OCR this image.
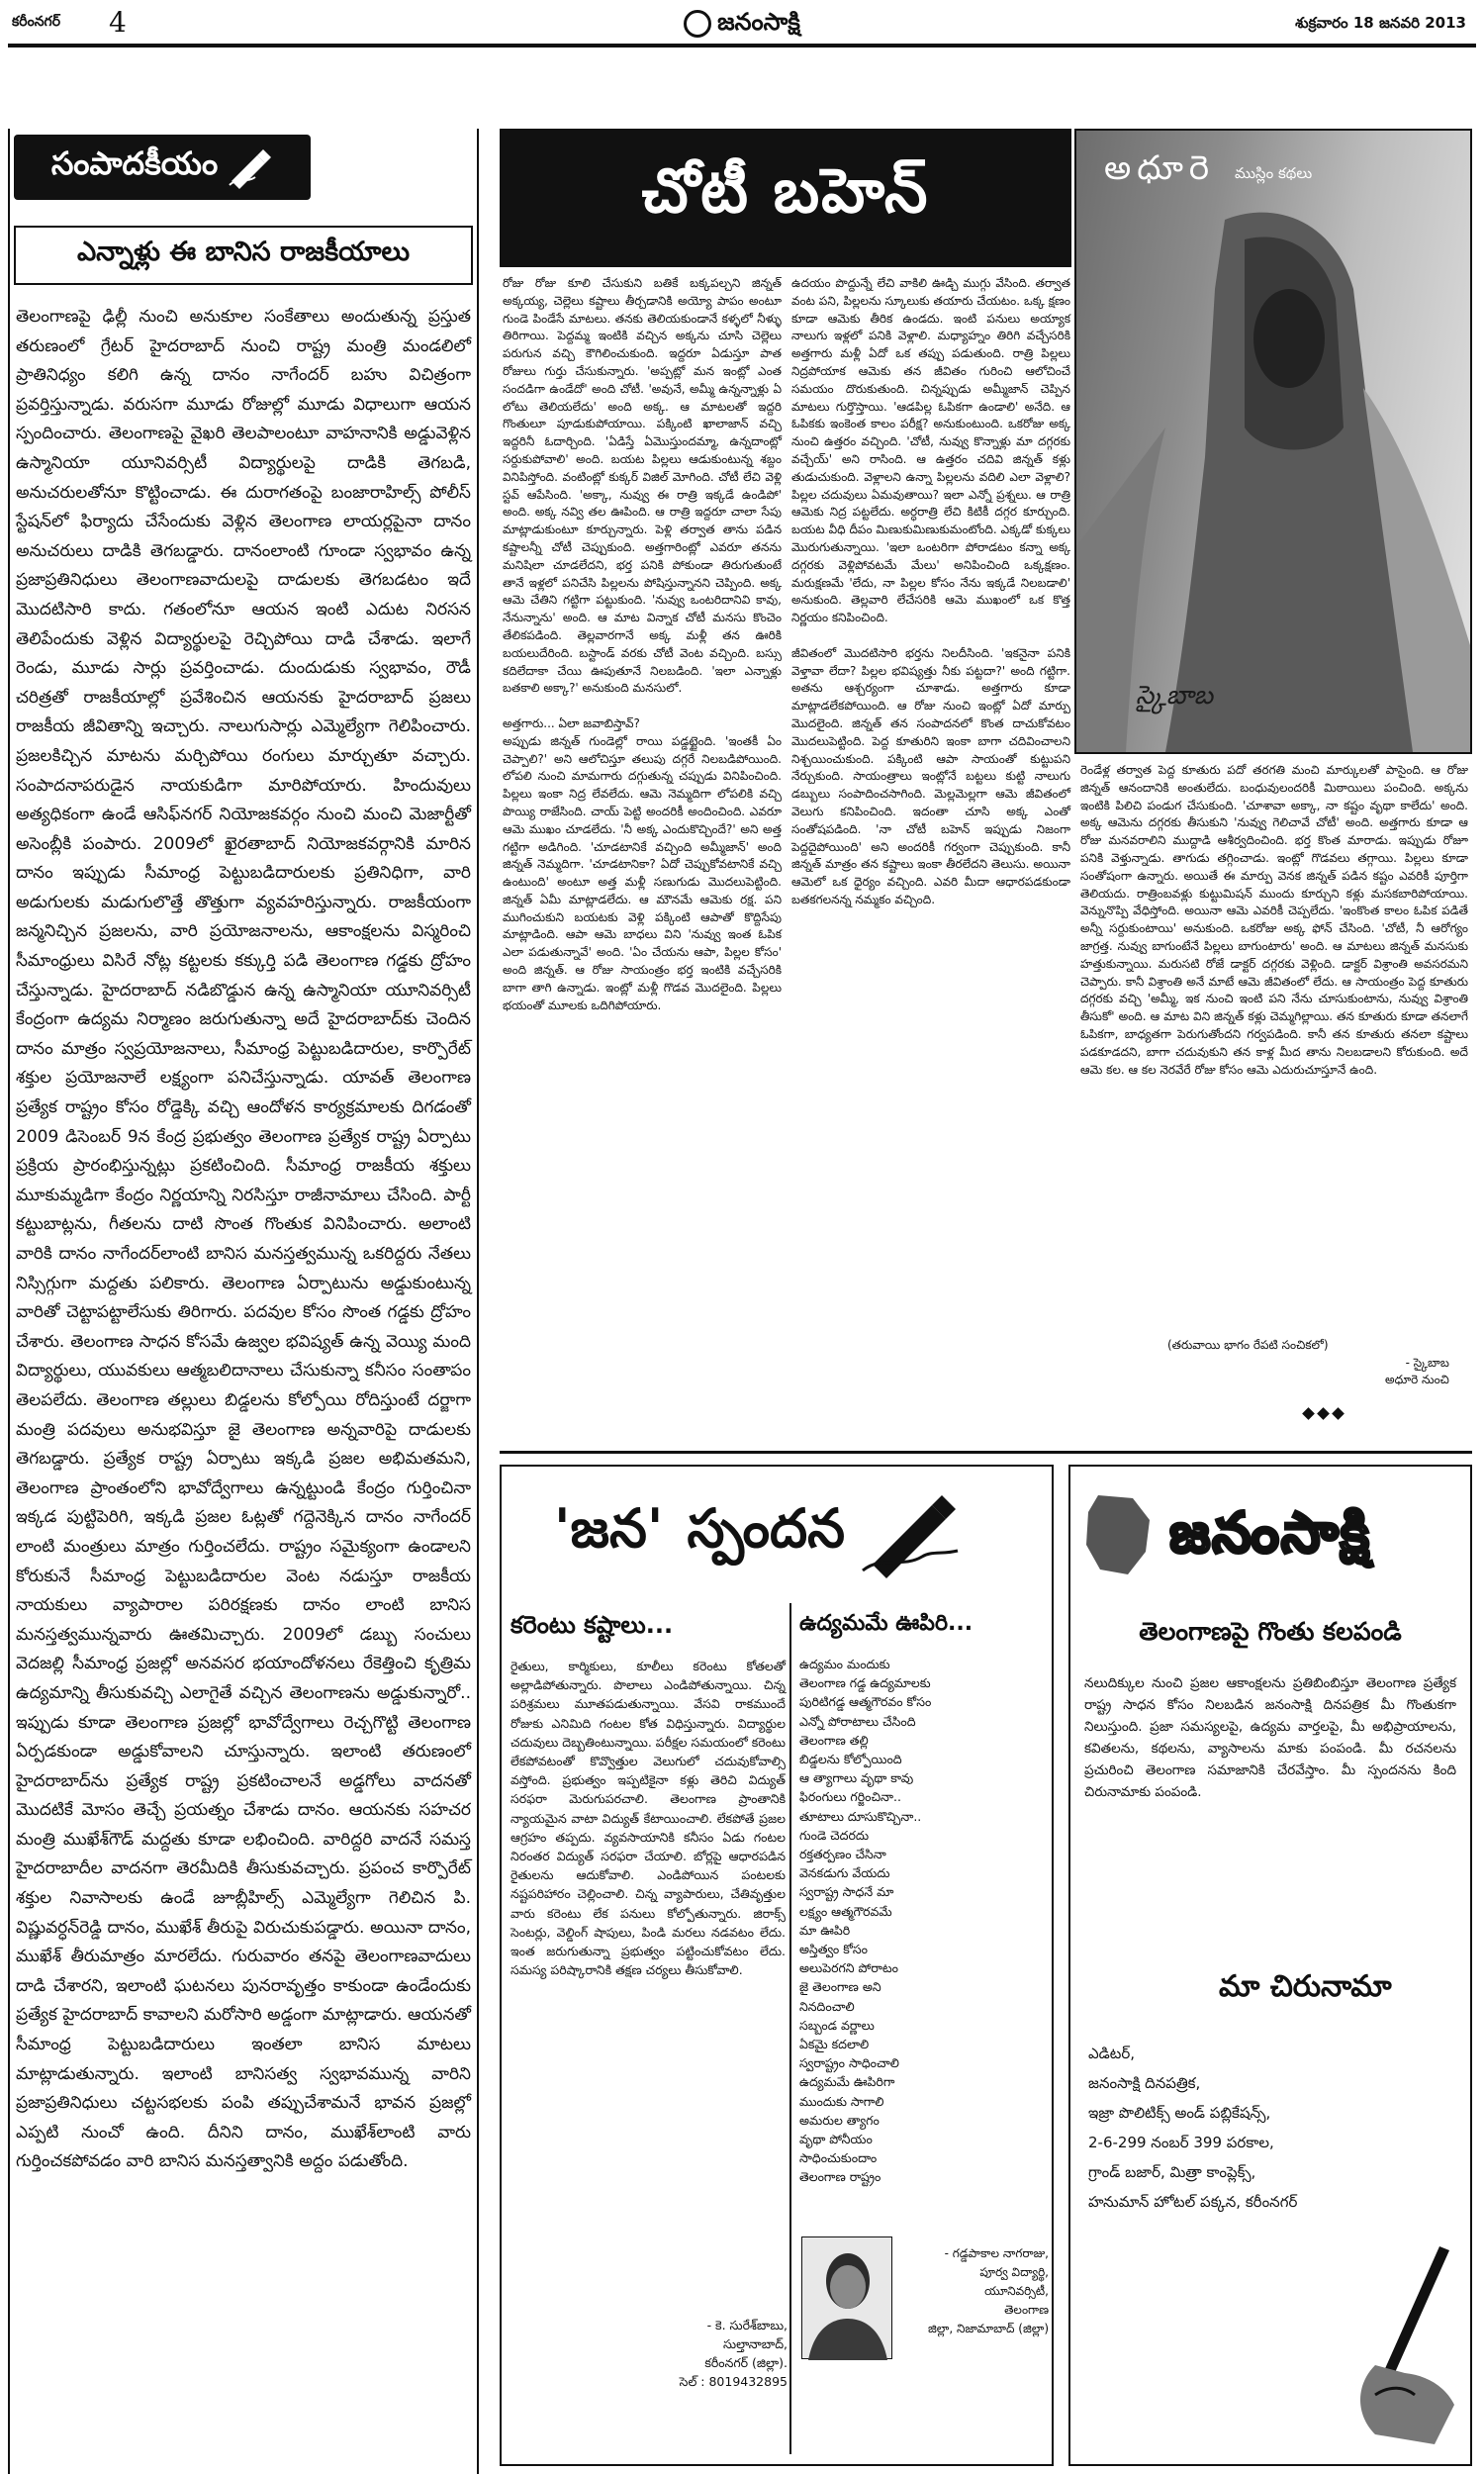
కరీంనగర్ 4	జనంసాక్షి	శుక్రవారం 18 జనవరి 2013
సంపాదకీయం
ఎన్నాళ్లు ఈ బానిస రాజకీయాలు
తెలంగాణపై ఢిల్లీ నుంచి అనుకూల సంకేతాలు అందుతున్న ప్రస్తుత తరుణంలో గ్రేటర్ హైదరాబాద్ నుంచి రాష్ట్ర మంత్రి మండలిలో ప్రాతినిధ్యం కలిగి ఉన్న దానం నాగేందర్ బహు విచిత్రంగా ప్రవర్తిస్తున్నాడు. వరుసగా మూడు రోజుల్లో మూడు విధాలుగా ఆయన స్పందించారు. తెలంగాణపై వైఖరి తెలపాలంటూ వాహనానికి అడ్డువెళ్లిన ఉస్మానియా యూనివర్సిటీ విద్యార్థులపై దాడికి తెగబడి, అనుచరులతోనూ కొట్టించాడు. ఈ దురాగతంపై బంజారాహిల్స్ పోలీస్ స్టేషన్‌లో ఫిర్యాదు చేసేందుకు వెళ్లిన తెలంగాణ లాయర్లపైనా దానం అనుచరులు దాడికి తెగబడ్డారు. దానంలాంటి గూండా స్వభావం ఉన్న ప్రజాప్రతినిధులు తెలంగాణవాదులపై దాడులకు తెగబడటం ఇదే మొదటిసారి కాదు. గతంలోనూ ఆయన ఇంటి ఎదుట నిరసన తెలిపేందుకు వెళ్లిన విద్యార్థులపై రెచ్చిపోయి దాడి చేశాడు. ఇలాగే రెండు, మూడు సార్లు ప్రవర్తించాడు. దుందుడుకు స్వభావం, రౌడీ చరిత్రతో రాజకీయాల్లో ప్రవేశించిన ఆయనకు హైదరాబాద్ ప్రజలు రాజకీయ జీవితాన్ని ఇచ్చారు. నాలుగుసార్లు ఎమ్మెల్యేగా గెలిపించారు. ప్రజలకిచ్చిన మాటను మర్చిపోయి రంగులు మార్చుతూ వచ్చారు. సంపాదనాపరుడైన నాయకుడిగా మారిపోయారు. హిందువులు అత్యధికంగా ఉండే ఆసిఫ్‌నగర్ నియోజకవర్గం నుంచి మంచి మెజార్టీతో అసెంబ్లీకి పంపారు. 2009లో ఖైరతాబాద్ నియోజకవర్గానికి మారిన దానం ఇప్పుడు సీమాంధ్ర పెట్టుబడిదారులకు ప్రతినిధిగా, వారి అడుగులకు మడుగులొత్తే తొత్తుగా వ్యవహరిస్తున్నారు. రాజకీయంగా జన్మనిచ్చిన ప్రజలను, వారి ప్రయోజనాలను, ఆకాంక్షలను విస్మరించి సీమాంధ్రులు విసిరే నోట్ల కట్టలకు కక్కుర్తి పడి తెలంగాణ గడ్డకు ద్రోహం చేస్తున్నాడు. హైదరాబాద్ నడిబొడ్డున ఉన్న ఉస్మానియా యూనివర్సిటీ కేంద్రంగా ఉద్యమ నిర్మాణం జరుగుతున్నా అదే హైదరాబాద్‌కు చెందిన దానం మాత్రం స్వప్రయోజనాలు, సీమాంధ్ర పెట్టుబడిదారుల, కార్పొరేట్ శక్తుల ప్రయోజనాలే లక్ష్యంగా పనిచేస్తున్నాడు. యావత్ తెలంగాణ ప్రత్యేక రాష్ట్రం కోసం రోడ్డెక్కి వచ్చి ఆందోళన కార్యక్రమాలకు దిగడంతో 2009 డిసెంబర్ 9న కేంద్ర ప్రభుత్వం తెలంగాణ ప్రత్యేక రాష్ట్ర ఏర్పాటు ప్రక్రియ ప్రారంభిస్తున్నట్లు ప్రకటించింది. సీమాంధ్ర రాజకీయ శక్తులు మూకుమ్మడిగా కేంద్రం నిర్ణయాన్ని నిరసిస్తూ రాజీనామాలు చేసింది. పార్టీ కట్టుబాట్లను, గీతలను దాటి సొంత గొంతుక వినిపించారు. అలాంటి వారికి దానం నాగేందర్‌లాంటి బానిస మనస్తత్వమున్న ఒకరిద్దరు నేతలు నిస్సిగ్గుగా మద్దతు పలికారు. తెలంగాణ ఏర్పాటును అడ్డుకుంటున్న వారితో చెట్టాపట్టాలేసుకు తిరిగారు. పదవుల కోసం సొంత గడ్డకు ద్రోహం చేశారు. తెలంగాణ సాధన కోసమే ఉజ్వల భవిష్యత్ ఉన్న వెయ్యి మంది విద్యార్థులు, యువకులు ఆత్మబలిదానాలు చేసుకున్నా కనీసం సంతాపం తెలపలేదు. తెలంగాణ తల్లులు బిడ్డలను కోల్పోయి రోదిస్తుంటే దర్జాగా మంత్రి పదవులు అనుభవిస్తూ జై తెలంగాణ అన్నవారిపై దాడులకు తెగబడ్డారు. ప్రత్యేక రాష్ట్ర ఏర్పాటు ఇక్కడి ప్రజల అభిమతమని, తెలంగాణ ప్రాంతంలోని భావోద్వేగాలు ఉన్నట్టుండి కేంద్రం గుర్తించినా ఇక్కడ పుట్టిపెరిగి, ఇక్కడి ప్రజల ఓట్లతో గద్దెనెక్కిన దానం నాగేందర్ లాంటి మంత్రులు మాత్రం గుర్తించలేదు. రాష్ట్రం సమైక్యంగా ఉండాలని కోరుకునే సీమాంధ్ర పెట్టుబడిదారుల వెంట నడుస్తూ రాజకీయ నాయకులు వ్యాపారాల పరిరక్షణకు దానం లాంటి బానిస మనస్తత్వమున్నవారు ఊతమిచ్చారు. 2009లో డబ్బు సంచులు వెదజల్లి సీమాంధ్ర ప్రజల్లో అనవసర భయాందోళనలు రేకెత్తించి కృత్రిమ ఉద్యమాన్ని తీసుకువచ్చి ఎలాగైతే వచ్చిన తెలంగాణను అడ్డుకున్నారో.. ఇప్పుడు కూడా తెలంగాణ ప్రజల్లో భావోద్వేగాలు రెచ్చగొట్టి తెలంగాణ ఏర్పడకుండా అడ్డుకోవాలని చూస్తున్నారు. ఇలాంటి తరుణంలో హైదరాబాద్‌ను ప్రత్యేక రాష్ట్ర ప్రకటించాలనే అడ్డగోలు వాదనతో మొదటికే మోసం తెచ్చే ప్రయత్నం చేశాడు దానం. ఆయనకు సహచర మంత్రి ముఖేశ్‌గౌడ్ మద్దతు కూడా లభించింది. వారిద్దరి వాదనే సమస్త హైదరాబాదీల వాదనగా తెరమీదికి తీసుకువచ్చారు. ప్రపంచ కార్పొరేట్ శక్తుల నివాసాలకు ఉండే జూబ్లీహిల్స్ ఎమ్మెల్యేగా గెలిచిన పి. విష్ణువర్ధన్‌రెడ్డి దానం, ముఖేశ్ తీరుపై విరుచుకుపడ్డారు. అయినా దానం, ముఖేశ్ తీరుమాత్రం మారలేదు. గురువారం తనపై తెలంగాణవాదులు దాడి చేశారని, ఇలాంటి ఘటనలు పునరావృత్తం కాకుండా ఉండేందుకు ప్రత్యేక హైదరాబాద్ కావాలని మరోసారి అడ్డంగా మాట్లాడారు. ఆయనతో సీమాంధ్ర పెట్టుబడిదారులు ఇంతలా బానిస మాటలు మాట్లాడుతున్నారు. ఇలాంటి బానిసత్వ స్వభావమున్న వారిని ప్రజాప్రతినిధులు చట్టసభలకు పంపి తప్పుచేశామనే భావన ప్రజల్లో ఎప్పటి నుంచో ఉంది. దీనిని దానం, ముఖేశ్‌లాంటి వారు గుర్తించకపోవడం వారి బానిస మనస్తత్వానికి అద్దం పడుతోంది.
చోటీ బహెన్	అధూరె ముస్లిం కథలు
స్కైబాబ
రోజు రోజు కూలి చేసుకుని బతికే బక్కపల్చని జిన్నత్ అక్కయ్య, చెల్లెలు కష్టాలు తీర్చడానికి అయ్యో పాపం అంటూ గుండె పిండేసే మాటలు. తనకు తెలియకుండానే కళ్ళలో నీళ్ళు తిరిగాయి. పెద్దమ్మ ఇంటికి వచ్చిన అక్కను చూసి చెల్లెలు పరుగున వచ్చి కౌగిలించుకుంది. ఇద్దరూ ఏడుస్తూ పాత రోజులు గుర్తు చేసుకున్నారు. 'అప్పట్లో మన ఇంట్లో ఎంత సందడిగా ఉండేదో' అంది చోటీ. 'అవునే, అమ్మీ ఉన్నన్నాళ్లు ఏ లోటు తెలియలేదు' అంది అక్క. ఆ మాటలతో ఇద్దరి గొంతులూ పూడుకుపోయాయి. పక్కింటి ఖాలాజాన్ వచ్చి ఇద్దరినీ ఓదార్చింది. 'ఏడిస్తే ఏమొస్తుందమ్మా, ఉన్నదాంట్లో సర్దుకుపోవాలి' అంది. బయట పిల్లలు ఆడుకుంటున్న శబ్దం వినిపిస్తోంది. వంటింట్లో కుక్కర్ విజిల్ మోగింది. చోటీ లేచి వెళ్లి స్టవ్ ఆపేసింది. 'అక్కా, నువ్వు ఈ రాత్రి ఇక్కడే ఉండిపో' అంది. అక్క నవ్వి తల ఊపింది. ఆ రాత్రి ఇద్దరూ చాలా సేపు మాట్లాడుకుంటూ కూర్చున్నారు. పెళ్లి తర్వాత తాను పడిన కష్టాలన్నీ చోటీ చెప్పుకుంది. అత్తగారింట్లో ఎవరూ తనను మనిషిలా చూడలేదని, భర్త పనికి పోకుండా తిరుగుతుంటే తానే ఇళ్లలో పనిచేసి పిల్లలను పోషిస్తున్నానని చెప్పింది. అక్క ఆమె చేతిని గట్టిగా పట్టుకుంది. 'నువ్వు ఒంటరిదానివి కావు, నేనున్నాను' అంది. ఆ మాట విన్నాక చోటీ మనసు కొంచెం తేలికపడింది. తెల్లవారగానే అక్క మళ్లీ తన ఊరికి బయలుదేరింది. బస్టాండ్ వరకు చోటీ వెంట వచ్చింది. బస్సు కదిలేదాకా చేయి ఊపుతూనే నిలబడింది. 'ఇలా ఎన్నాళ్లు బతకాలి అక్కా?' అనుకుంది మనసులో.

అత్తగారు... ఏలా జవాబిస్తావ్?
అప్పుడు జిన్నత్ గుండెల్లో రాయి పడ్డట్టైంది. 'ఇంతకీ ఏం చెప్పాలి?' అని ఆలోచిస్తూ తలుపు దగ్గరే నిలబడిపోయింది. లోపలి నుంచి మామగారు దగ్గుతున్న చప్పుడు వినిపించింది. పిల్లలు ఇంకా నిద్ర లేవలేదు. ఆమె నెమ్మదిగా లోపలికి వచ్చి పొయ్యి రాజేసింది. చాయ్ పెట్టి అందరికీ అందించింది. ఎవరూ ఆమె ముఖం చూడలేదు. 'నీ అక్క ఎందుకొచ్చిందే?' అని అత్త గట్టిగా అడిగింది. 'చూడటానికే వచ్చింది అమ్మీజాన్' అంది జిన్నత్ నెమ్మదిగా. 'చూడటానికా? ఏదో చెప్పుకోవటానికే వచ్చి ఉంటుంది' అంటూ అత్త మళ్లీ సణుగుడు మొదలుపెట్టింది. జిన్నత్ ఏమీ మాట్లాడలేదు. ఆ మౌనమే ఆమెకు రక్ష. పని ముగించుకుని బయటకు వెళ్లి పక్కింటి ఆపాతో కొద్దిసేపు మాట్లాడింది. ఆపా ఆమె బాధలు విని 'నువ్వు ఇంత ఓపిక ఎలా పడుతున్నావే' అంది. 'ఏం చేయను ఆపా, పిల్లల కోసం' అంది జిన్నత్. ఆ రోజు సాయంత్రం భర్త ఇంటికి వచ్చేసరికి బాగా తాగి ఉన్నాడు. ఇంట్లో మళ్లీ గొడవ మొదలైంది. పిల్లలు భయంతో మూలకు ఒదిగిపోయారు.
ఉదయం పొద్దున్నే లేచి వాకిలి ఊడ్చి ముగ్గు వేసింది. తర్వాత వంట పని, పిల్లలను స్కూలుకు తయారు చేయటం. ఒక్క క్షణం కూడా ఆమెకు తీరిక ఉండదు. ఇంటి పనులు అయ్యాక నాలుగు ఇళ్లలో పనికి వెళ్లాలి. మధ్యాహ్నం తిరిగి వచ్చేసరికి అత్తగారు మళ్లీ ఏదో ఒక తప్పు పడుతుంది. రాత్రి పిల్లలు నిద్రపోయాక ఆమెకు తన జీవితం గురించి ఆలోచించే సమయం దొరుకుతుంది. చిన్నప్పుడు అమ్మీజాన్ చెప్పిన మాటలు గుర్తొస్తాయి. 'ఆడపిల్ల ఓపికగా ఉండాలి' అనేది. ఆ ఓపికకు ఇంకెంత కాలం పరీక్ష? అనుకుంటుంది. ఒకరోజు అక్క నుంచి ఉత్తరం వచ్చింది. 'చోటీ, నువ్వు కొన్నాళ్లు మా దగ్గరకు వచ్చేయ్' అని రాసింది. ఆ ఉత్తరం చదివి జిన్నత్ కళ్లు తుడుచుకుంది. వెళ్లాలని ఉన్నా పిల్లలను వదిలి ఎలా వెళ్లాలి? పిల్లల చదువులు ఏమవుతాయి? ఇలా ఎన్నో ప్రశ్నలు. ఆ రాత్రి ఆమెకు నిద్ర పట్టలేదు. అర్ధరాత్రి లేచి కిటికీ దగ్గర కూర్చుంది. బయట వీధి దీపం మిణుకుమిణుకుమంటోంది. ఎక్కడో కుక్కలు మొరుగుతున్నాయి. 'ఇలా ఒంటరిగా పోరాడటం కన్నా అక్క దగ్గరకు వెళ్లిపోవటమే మేలు' అనిపించింది ఒక్కక్షణం. మరుక్షణమే 'లేదు, నా పిల్లల కోసం నేను ఇక్కడే నిలబడాలి' అనుకుంది. తెల్లవారి లేచేసరికి ఆమె ముఖంలో ఒక కొత్త నిర్ణయం కనిపించింది.

జీవితంలో మొదటిసారి భర్తను నిలదీసింది. 'ఇకనైనా పనికి వెళ్తావా లేదా? పిల్లల భవిష్యత్తు నీకు పట్టదా?' అంది గట్టిగా. అతను ఆశ్చర్యంగా చూశాడు. అత్తగారు కూడా మాట్లాడలేకపోయింది. ఆ రోజు నుంచి ఇంట్లో ఏదో మార్పు మొదలైంది. జిన్నత్ తన సంపాదనలో కొంత దాచుకోవటం మొదలుపెట్టింది. పెద్ద కూతురిని ఇంకా బాగా చదివించాలని నిశ్చయించుకుంది. పక్కింటి ఆపా సాయంతో కుట్టుపని నేర్చుకుంది. సాయంత్రాలు ఇంట్లోనే బట్టలు కుట్టి నాలుగు డబ్బులు సంపాదించసాగింది. మెల్లమెల్లగా ఆమె జీవితంలో వెలుగు కనిపించింది. ఇదంతా చూసి అక్క ఎంతో సంతోషపడింది. 'నా చోటీ బహెన్ ఇప్పుడు నిజంగా పెద్దదైపోయింది' అని అందరికీ గర్వంగా చెప్పుకుంది. కానీ జిన్నత్ మాత్రం తన కష్టాలు ఇంకా తీరలేదని తెలుసు. అయినా ఆమెలో ఒక ధైర్యం వచ్చింది. ఎవరి మీదా ఆధారపడకుండా బతకగలనన్న నమ్మకం వచ్చింది.
రెండేళ్ల తర్వాత పెద్ద కూతురు పదో తరగతి మంచి మార్కులతో పాసైంది. ఆ రోజు జిన్నత్ ఆనందానికి అంతులేదు. బంధువులందరికీ మిఠాయిలు పంచింది. అక్కను ఇంటికి పిలిచి పండుగ చేసుకుంది. 'చూశావా అక్కా, నా కష్టం వృథా కాలేదు' అంది. అక్క ఆమెను దగ్గరకు తీసుకుని 'నువ్వు గెలిచావే చోటీ' అంది. అత్తగారు కూడా ఆ రోజు మనవరాలిని ముద్దాడి ఆశీర్వదించింది. భర్త కొంత మారాడు. ఇప్పుడు రోజూ పనికి వెళ్తున్నాడు. తాగుడు తగ్గించాడు. ఇంట్లో గొడవలు తగ్గాయి. పిల్లలు కూడా సంతోషంగా ఉన్నారు. అయితే ఈ మార్పు వెనక జిన్నత్ పడిన కష్టం ఎవరికీ పూర్తిగా తెలియదు. రాత్రింబవళ్లు కుట్టుమిషన్ ముందు కూర్చుని కళ్లు మసకబారిపోయాయి. వెన్నునొప్పి వేధిస్తోంది. అయినా ఆమె ఎవరికీ చెప్పలేదు. 'ఇంకొంత కాలం ఓపిక పడితే అన్నీ సర్దుకుంటాయి' అనుకుంది. ఒకరోజు అక్క ఫోన్ చేసింది. 'చోటీ, నీ ఆరోగ్యం జాగ్రత్త. నువ్వు బాగుంటేనే పిల్లలు బాగుంటారు' అంది. ఆ మాటలు జిన్నత్ మనసుకు హత్తుకున్నాయి. మరుసటి రోజే డాక్టర్ దగ్గరకు వెళ్లింది. డాక్టర్ విశ్రాంతి అవసరమని చెప్పారు. కానీ విశ్రాంతి అనే మాటే ఆమె జీవితంలో లేదు. ఆ సాయంత్రం పెద్ద కూతురు దగ్గరకు వచ్చి 'అమ్మీ, ఇక నుంచి ఇంటి పని నేను చూసుకుంటాను, నువ్వు విశ్రాంతి తీసుకో' అంది. ఆ మాట విని జిన్నత్ కళ్లు చెమ్మగిల్లాయి. తన కూతురు కూడా తనలాగే ఓపికగా, బాధ్యతగా పెరుగుతోందని గర్వపడింది. కానీ తన కూతురు తనలా కష్టాలు పడకూడదని, బాగా చదువుకుని తన కాళ్ల మీద తాను నిలబడాలని కోరుకుంది. అదే ఆమె కల. ఆ కల నెరవేరే రోజు కోసం ఆమె ఎదురుచూస్తూనే ఉంది.
(తరువాయి భాగం రేపటి సంచికలో)
- స్కైబాబ
అధూరె నుంచి
'జన' స్పందన
కరెంటు కష్టాలు...
రైతులు, కార్మికులు, కూలీలు కరెంటు కోతలతో అల్లాడిపోతున్నారు. పొలాలు ఎండిపోతున్నాయి. చిన్న పరిశ్రమలు మూతపడుతున్నాయి. వేసవి రాకముందే రోజుకు ఎనిమిది గంటల కోత విధిస్తున్నారు. విద్యార్థుల చదువులు దెబ్బతింటున్నాయి. పరీక్షల సమయంలో కరెంటు లేకపోవటంతో కొవ్వొత్తుల వెలుగులో చదువుకోవాల్సి వస్తోంది. ప్రభుత్వం ఇప్పటికైనా కళ్లు తెరిచి విద్యుత్ సరఫరా మెరుగుపరచాలి. తెలంగాణ ప్రాంతానికి న్యాయమైన వాటా విద్యుత్ కేటాయించాలి. లేకపోతే ప్రజల ఆగ్రహం తప్పదు. వ్యవసాయానికి కనీసం ఏడు గంటల నిరంతర విద్యుత్ సరఫరా చేయాలి. బోర్లపై ఆధారపడిన రైతులను ఆదుకోవాలి. ఎండిపోయిన పంటలకు నష్టపరిహారం చెల్లించాలి. చిన్న వ్యాపారులు, చేతివృత్తుల వారు కరెంటు లేక పనులు కోల్పోతున్నారు. జిరాక్స్ సెంటర్లు, వెల్డింగ్ షాపులు, పిండి మరలు నడవటం లేదు. ఇంత జరుగుతున్నా ప్రభుత్వం పట్టించుకోవటం లేదు. సమస్య పరిష్కారానికి తక్షణ చర్యలు తీసుకోవాలి.
- కె. సురేశ్‌బాబు,
సుల్తానాబాద్,
కరీంనగర్ (జిల్లా).
సెల్ : 8019432895
ఉద్యమమే ఊపిరి...
ఉద్యమం మందుకు
తెలంగాణ గడ్డ ఉద్యమాలకు
పురిటిగడ్డ ఆత్మగౌరవం కోసం
ఎన్నో పోరాటాలు చేసింది
తెలంగాణ తల్లి
బిడ్డలను కోల్పోయింది
ఆ త్యాగాలు వృథా కావు
ఫిరంగులు గర్జించినా..
తూటాలు దూసుకొచ్చినా..
గుండె చెదరదు
రక్తతర్పణం చేసినా
వెనకడుగు వేయదు
స్వరాష్ట్ర సాధనే మా
లక్ష్యం ఆత్మగౌరవమే
మా ఊపిరి
అస్తిత్వం కోసం
అలుపెరగని పోరాటం
జై తెలంగాణ అని
నినదించాలి
సబ్బండ వర్ణాలు
ఏకమై కదలాలి
స్వరాష్ట్రం సాధించాలి
ఉద్యమమే ఊపిరిగా
ముందుకు సాగాలి
అమరుల త్యాగం
వృథా పోనీయం
సాధించుకుందాం
తెలంగాణ రాష్ట్రం
- గడ్డపాకాల నాగరాజు,
పూర్వ విద్యార్థి,
యూనివర్సిటీ,
తెలంగాణ
జిల్లా, నిజామాబాద్ (జిల్లా)
జనంసాక్షి
తెలంగాణపై గొంతు కలపండి
నలుదిక్కుల నుంచి ప్రజల ఆకాంక్షలను ప్రతిబింబిస్తూ తెలంగాణ ప్రత్యేక రాష్ట్ర సాధన కోసం నిలబడిన జనంసాక్షి దినపత్రిక మీ గొంతుకగా నిలుస్తుంది. ప్రజా సమస్యలపై, ఉద్యమ వార్తలపై, మీ అభిప్రాయాలను, కవితలను, కథలను, వ్యాసాలను మాకు పంపండి. మీ రచనలను ప్రచురించి తెలంగాణ సమాజానికి చేరవేస్తాం. మీ స్పందనను కింది చిరునామాకు పంపండి.
మా చిరునామా
ఎడిటర్,
జనంసాక్షి దినపత్రిక,
ఇజ్రా పొలిటిక్స్ అండ్ పబ్లికేషన్స్,
2-6-299 నంబర్ 399 పరకాల,
గ్రాండ్ బజార్, మిత్రా కాంప్లెక్స్,
హనుమాన్ హోటల్ పక్కన, కరీంనగర్
